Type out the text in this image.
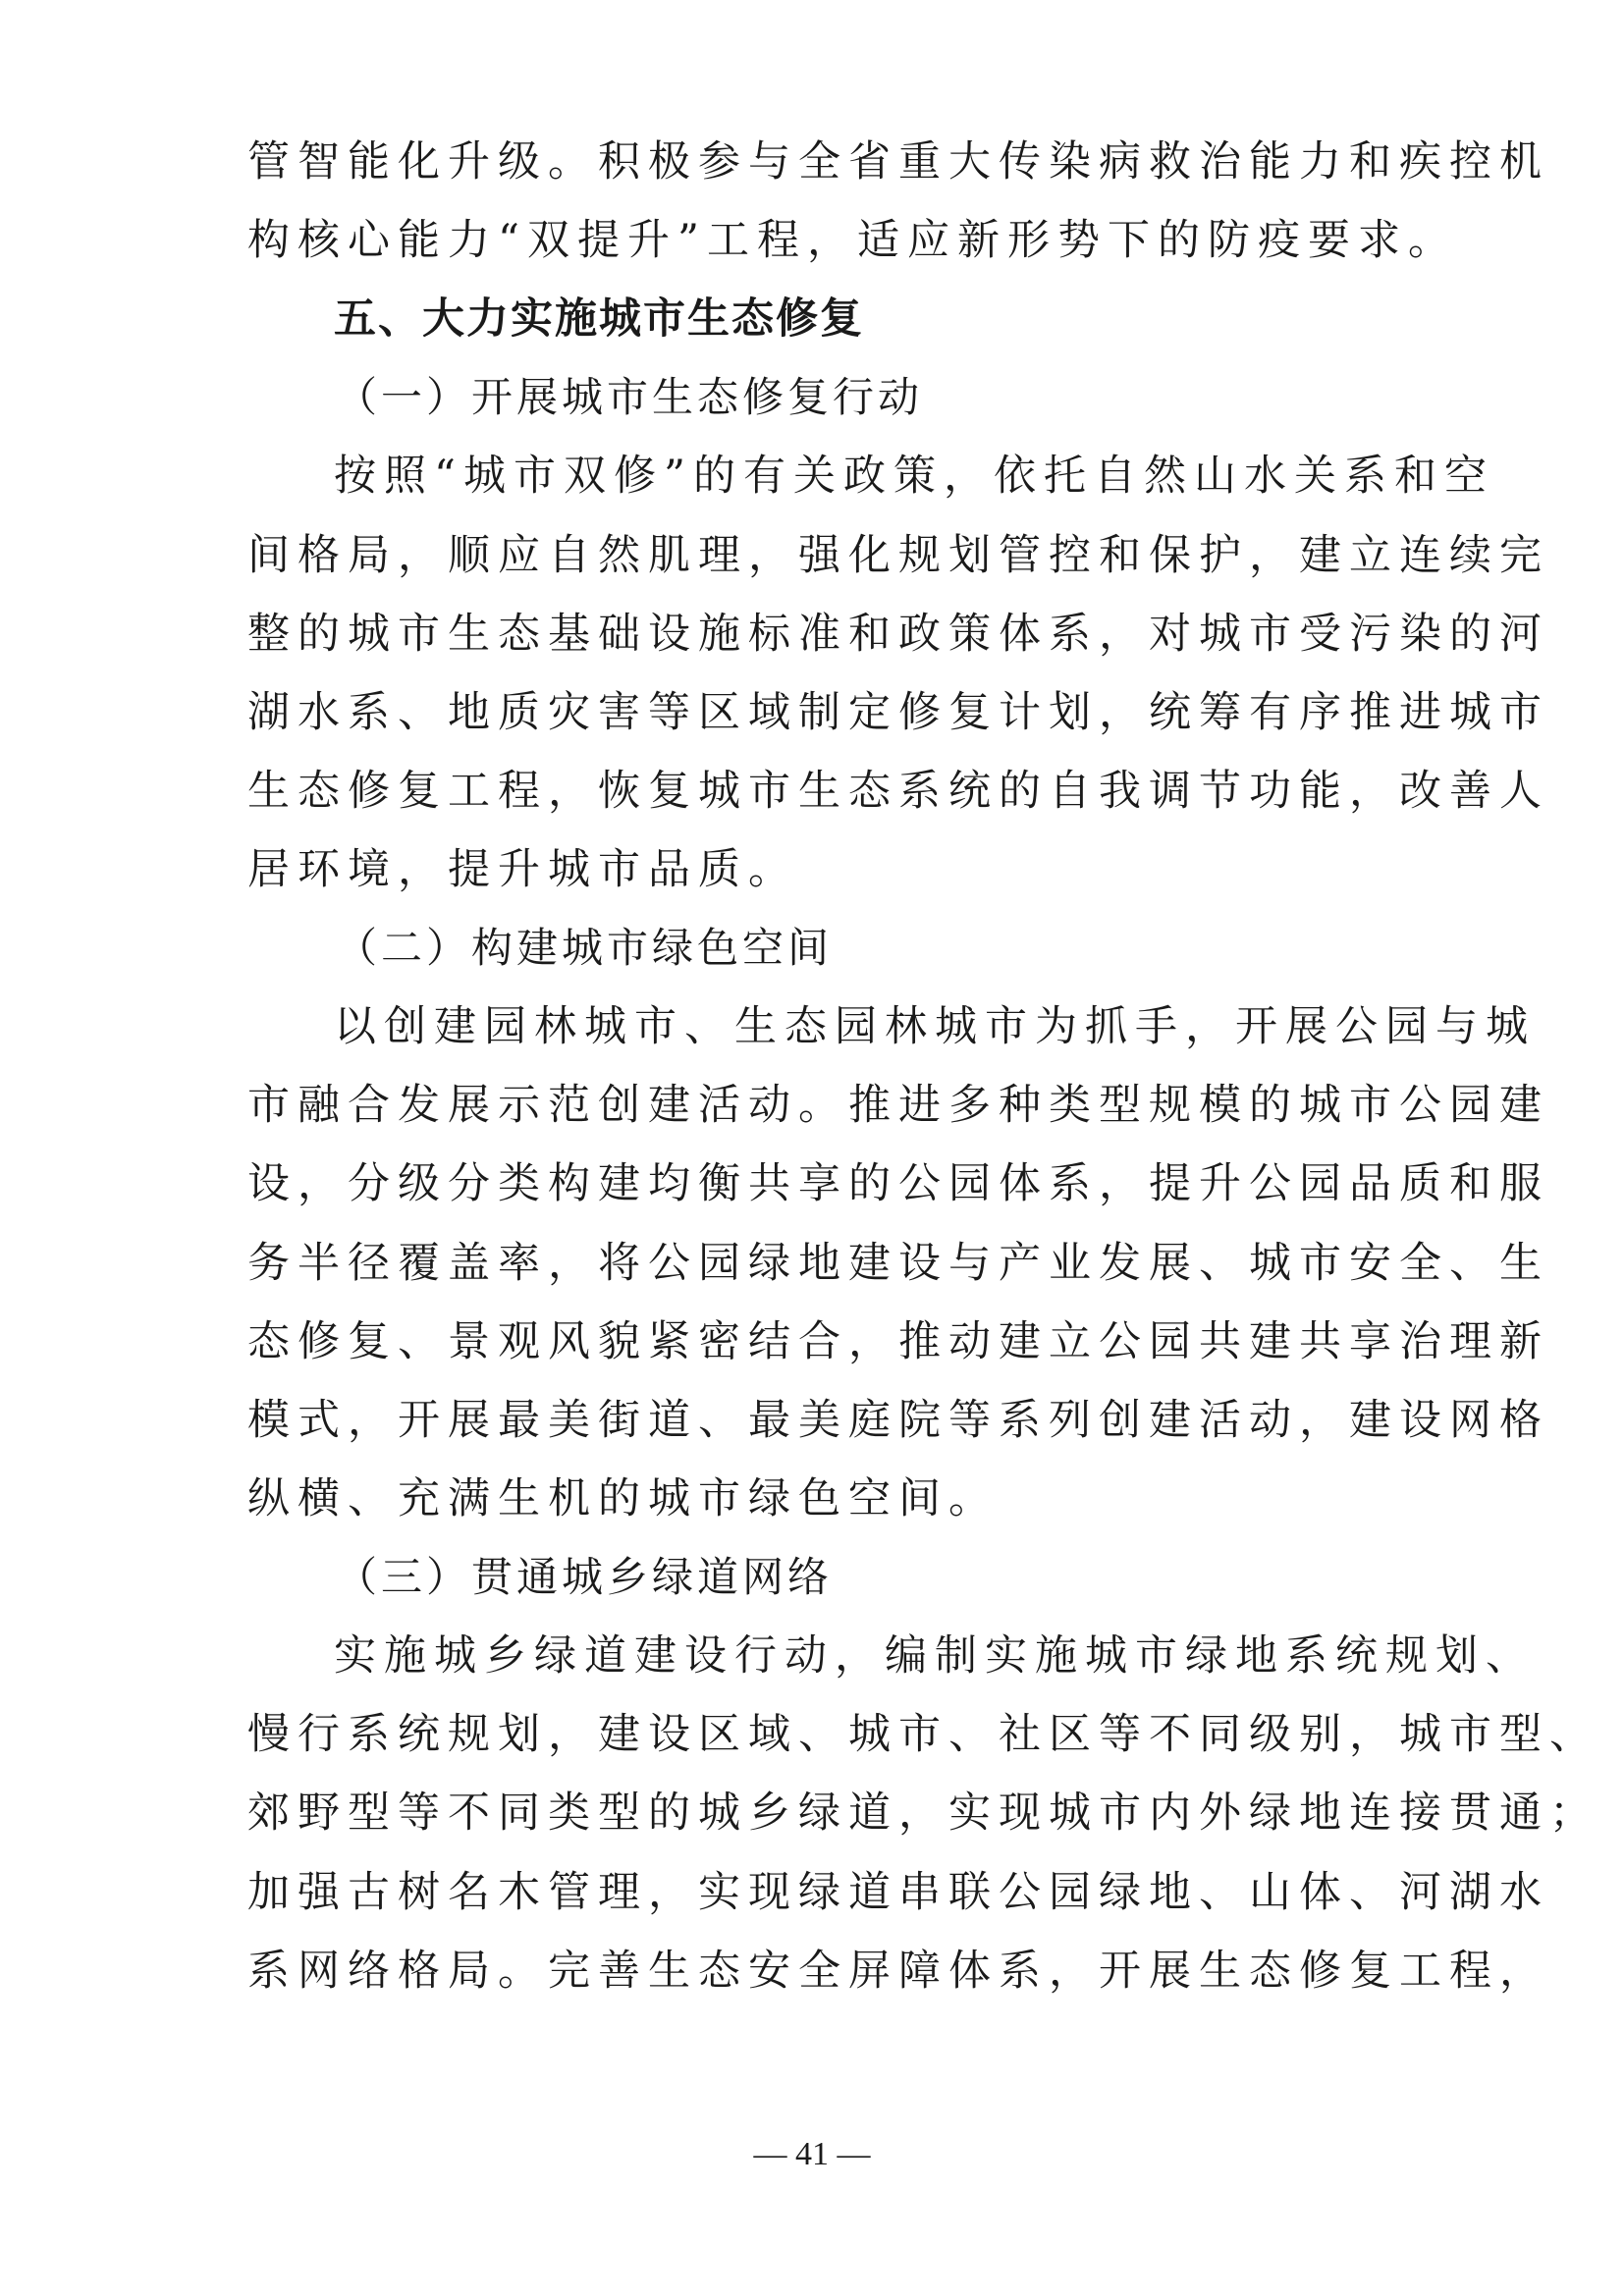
管智能化升级。积极参与全省重大传染病救治能力和疾控机
构核心能力“双提升”工程，适应新形势下的防疫要求。
五、大力实施城市生态修复
（一）开展城市生态修复行动
按照“城市双修”的有关政策，依托自然山水关系和空
间格局，顺应自然肌理，强化规划管控和保护，建立连续完
整的城市生态基础设施标准和政策体系，对城市受污染的河
湖水系、地质灾害等区域制定修复计划，统筹有序推进城市
生态修复工程，恢复城市生态系统的自我调节功能，改善人
居环境，提升城市品质。
（二）构建城市绿色空间
以创建园林城市、生态园林城市为抓手，开展公园与城
市融合发展示范创建活动。推进多种类型规模的城市公园建
设，分级分类构建均衡共享的公园体系，提升公园品质和服
务半径覆盖率，将公园绿地建设与产业发展、城市安全、生
态修复、景观风貌紧密结合，推动建立公园共建共享治理新
模式，开展最美街道、最美庭院等系列创建活动，建设网格
纵横、充满生机的城市绿色空间。
（三）贯通城乡绿道网络
实施城乡绿道建设行动，编制实施城市绿地系统规划、
慢行系统规划，建设区域、城市、社区等不同级别，城市型、
郊野型等不同类型的城乡绿道，实现城市内外绿地连接贯通；
加强古树名木管理，实现绿道串联公园绿地、山体、河湖水
系网络格局。完善生态安全屏障体系，开展生态修复工程，
— 41 —
